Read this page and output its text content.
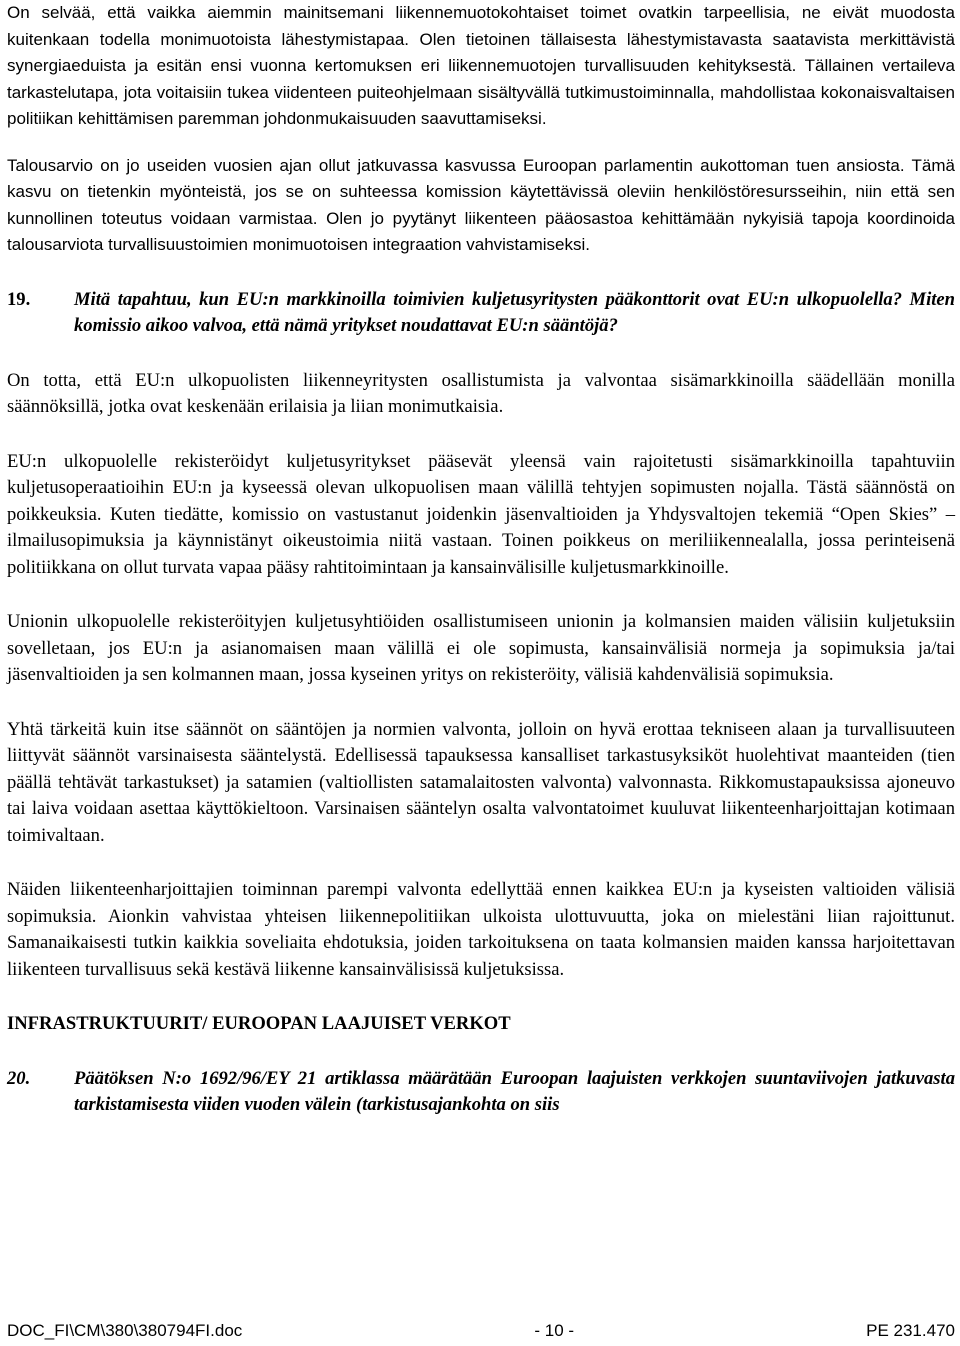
On selvää, että vaikka aiemmin mainitsemani liikennemuotokohtaiset toimet ovatkin tarpeellisia, ne eivät muodosta kuitenkaan todella monimuotoista lähestymistapaa. Olen tietoinen tällaisesta lähestymistavasta saatavista merkittävistä synergiaeduista ja esitän ensi vuonna kertomuksen eri liikennemuotojen turvallisuuden kehityksestä. Tällainen vertaileva tarkastelutapa, jota voitaisiin tukea viidenteen puiteohjelmaan sisältyvällä tutkimustoiminnalla, mahdollistaa kokonaisvaltaisen politiikan kehittämisen paremman johdonmukaisuuden saavuttamiseksi.

Talousarvio on jo useiden vuosien ajan ollut jatkuvassa kasvussa Euroopan parlamentin aukottoman tuen ansiosta. Tämä kasvu on tietenkin myönteistä, jos se on suhteessa komission käytettävissä oleviin henkilöstöresursseihin, niin että sen kunnollinen toteutus voidaan varmistaa. Olen jo pyytänyt liikenteen pääosastoa kehittämään nykyisiä tapoja koordinoida talousarviota turvallisuustoimien monimuotoisen integraation vahvistamiseksi.

19.	Mitä tapahtuu, kun EU:n markkinoilla toimivien kuljetusyritysten pääkonttorit ovat EU:n ulkopuolella? Miten komissio aikoo valvoa, että nämä yritykset noudattavat EU:n sääntöjä?

On totta, että EU:n ulkopuolisten liikenneyritysten osallistumista ja valvontaa sisämarkkinoilla säädellään monilla säännöksillä, jotka ovat keskenään erilaisia ja liian monimutkaisia.

EU:n ulkopuolelle rekisteröidyt kuljetusyritykset pääsevät yleensä vain rajoitetusti sisämarkkinoilla tapahtuviin kuljetusoperaatioihin EU:n ja kyseessä olevan ulkopuolisen maan välillä tehtyjen sopimusten nojalla. Tästä säännöstä on poikkeuksia. Kuten tiedätte, komissio on vastustanut joidenkin jäsenvaltioiden ja Yhdysvaltojen tekemiä “Open Skies” –ilmailusopimuksia ja käynnistänyt oikeustoimia niitä vastaan. Toinen poikkeus on meriliikennealalla, jossa perinteisenä politiikkana on ollut turvata vapaa pääsy rahtitoimintaan ja kansainvälisille kuljetusmarkkinoille.

Unionin ulkopuolelle rekisteröityjen kuljetusyhtiöiden osallistumiseen unionin ja kolmansien maiden välisiin kuljetuksiin sovelletaan, jos EU:n ja asianomaisen maan välillä ei ole sopimusta, kansainvälisiä normeja ja sopimuksia ja/tai jäsenvaltioiden ja sen kolmannen maan, jossa kyseinen yritys on rekisteröity, välisiä kahdenvälisiä sopimuksia.

Yhtä tärkeitä kuin itse säännöt on sääntöjen ja normien valvonta, jolloin on hyvä erottaa tekniseen alaan ja turvallisuuteen liittyvät säännöt varsinaisesta sääntelystä. Edellisessä tapauksessa kansalliset tarkastusyksiköt huolehtivat maanteiden (tien päällä tehtävät tarkastukset) ja satamien (valtiollisten satamalaitosten valvonta) valvonnasta. Rikkomustapauksissa ajoneuvo tai laiva voidaan asettaa käyttökieltoon. Varsinaisen sääntelyn osalta valvontatoimet kuuluvat liikenteenharjoittajan kotimaan toimivaltaan.

Näiden liikenteenharjoittajien toiminnan parempi valvonta edellyttää ennen kaikkea EU:n ja kyseisten valtioiden välisiä sopimuksia. Aionkin vahvistaa yhteisen liikennepolitiikan ulkoista ulottuvuutta, joka on mielestäni liian rajoittunut. Samanaikaisesti tutkin kaikkia soveliaita ehdotuksia, joiden tarkoituksena on taata kolmansien maiden kanssa harjoitettavan liikenteen turvallisuus sekä kestävä liikenne kansainvälisissä kuljetuksissa.

INFRASTRUKTUURIT/ EUROOPAN LAAJUISET VERKOT

20.	Päätöksen N:o 1692/96/EY 21 artiklassa määrätään Euroopan laajuisten verkkojen suuntaviivojen jatkuvasta tarkistamisesta viiden vuoden välein (tarkistusajankohta on siis
DOC_FI\CM\380\380794FI.doc	- 10 -	PE 231.470
